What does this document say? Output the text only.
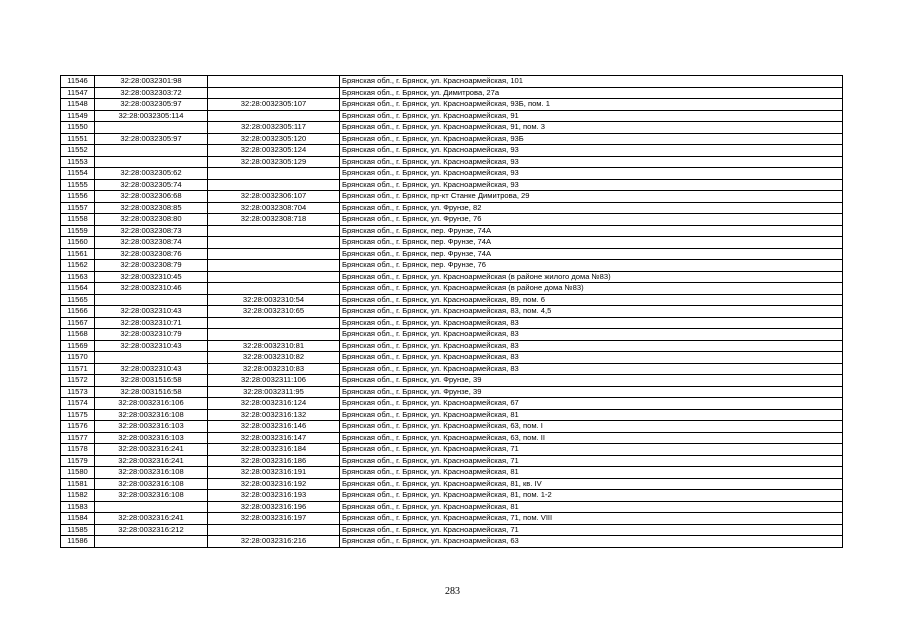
11546	32:28:0032301:98		Брянская обл., г. Брянск, ул. Красноармейская, 101
11547	32:28:0032303:72		Брянская обл., г. Брянск, ул. Димитрова, 27а
11548	32:28:0032305:97	32:28:0032305:107	Брянская обл., г. Брянск, ул. Красноармейская, 93Б, пом. 1
11549	32:28:0032305:114		Брянская обл., г. Брянск, ул. Красноармейская, 91
11550		32:28:0032305:117	Брянская обл., г. Брянск, ул. Красноармейская, 91, пом. 3
11551	32:28:0032305:97	32:28:0032305:120	Брянская обл., г. Брянск, ул. Красноармейская, 93Б
11552		32:28:0032305:124	Брянская обл., г. Брянск, ул. Красноармейская, 93
11553		32:28:0032305:129	Брянская обл., г. Брянск, ул. Красноармейская, 93
11554	32:28:0032305:62		Брянская обл., г. Брянск, ул. Красноармейская, 93
11555	32:28:0032305:74		Брянская обл., г. Брянск, ул. Красноармейская, 93
11556	32:28:0032306:68	32:28:0032306:107	Брянская обл., г. Брянск, пр-кт Станке Димитрова, 29
11557	32:28:0032308:85	32:28:0032308:704	Брянская обл., г. Брянск, ул. Фрунзе, 82
11558	32:28:0032308:80	32:28:0032308:718	Брянская обл., г. Брянск, ул. Фрунзе, 76
11559	32:28:0032308:73		Брянская обл., г. Брянск, пер. Фрунзе, 74А
11560	32:28:0032308:74		Брянская обл., г. Брянск, пер. Фрунзе, 74А
11561	32:28:0032308:76		Брянская обл., г. Брянск, пер. Фрунзе, 74А
11562	32:28:0032308:79		Брянская обл., г. Брянск, пер. Фрунзе, 76
11563	32:28:0032310:45		Брянская обл., г. Брянск, ул. Красноармейская (в районе жилого дома №83)
11564	32:28:0032310:46		Брянская обл., г. Брянск, ул. Красноармейская (в районе дома №83)
11565		32:28:0032310:54	Брянская обл., г. Брянск, ул. Красноармейская, 89, пом. 6
11566	32:28:0032310:43	32:28:0032310:65	Брянская обл., г. Брянск, ул. Красноармейская, 83, пом. 4,5
11567	32:28:0032310:71		Брянская обл., г. Брянск, ул. Красноармейская, 83
11568	32:28:0032310:79		Брянская обл., г. Брянск, ул. Красноармейская, 83
11569	32:28:0032310:43	32:28:0032310:81	Брянская обл., г. Брянск, ул. Красноармейская, 83
11570		32:28:0032310:82	Брянская обл., г. Брянск, ул. Красноармейская, 83
11571	32:28:0032310:43	32:28:0032310:83	Брянская обл., г. Брянск, ул. Красноармейская, 83
11572	32:28:0031516:58	32:28:0032311:106	Брянская обл., г. Брянск, ул. Фрунзе, 39
11573	32:28:0031516:58	32:28:0032311:95	Брянская обл., г. Брянск, ул. Фрунзе, 39
11574	32:28:0032316:106	32:28:0032316:124	Брянская обл., г. Брянск, ул. Красноармейская, 67
11575	32:28:0032316:108	32:28:0032316:132	Брянская обл., г. Брянск, ул. Красноармейская, 81
11576	32:28:0032316:103	32:28:0032316:146	Брянская обл., г. Брянск, ул. Красноармейская, 63, пом. I
11577	32:28:0032316:103	32:28:0032316:147	Брянская обл., г. Брянск, ул. Красноармейская, 63, пом. II
11578	32:28:0032316:241	32:28:0032316:184	Брянская обл., г. Брянск, ул. Красноармейская, 71
11579	32:28:0032316:241	32:28:0032316:186	Брянская обл., г. Брянск, ул. Красноармейская, 71
11580	32:28:0032316:108	32:28:0032316:191	Брянская обл., г. Брянск, ул. Красноармейская, 81
11581	32:28:0032316:108	32:28:0032316:192	Брянская обл., г. Брянск, ул. Красноармейская, 81, кв. IV
11582	32:28:0032316:108	32:28:0032316:193	Брянская обл., г. Брянск, ул. Красноармейская, 81, пом. 1-2
11583		32:28:0032316:196	Брянская обл., г. Брянск, ул. Красноармейская, 81
11584	32:28:0032316:241	32:28:0032316:197	Брянская обл., г. Брянск, ул. Красноармейская, 71, пом. VIII
11585	32:28:0032316:212		Брянская обл., г. Брянск, ул. Красноармейская, 71
11586		32:28:0032316:216	Брянская обл., г. Брянск, ул. Красноармейская, 63
283
